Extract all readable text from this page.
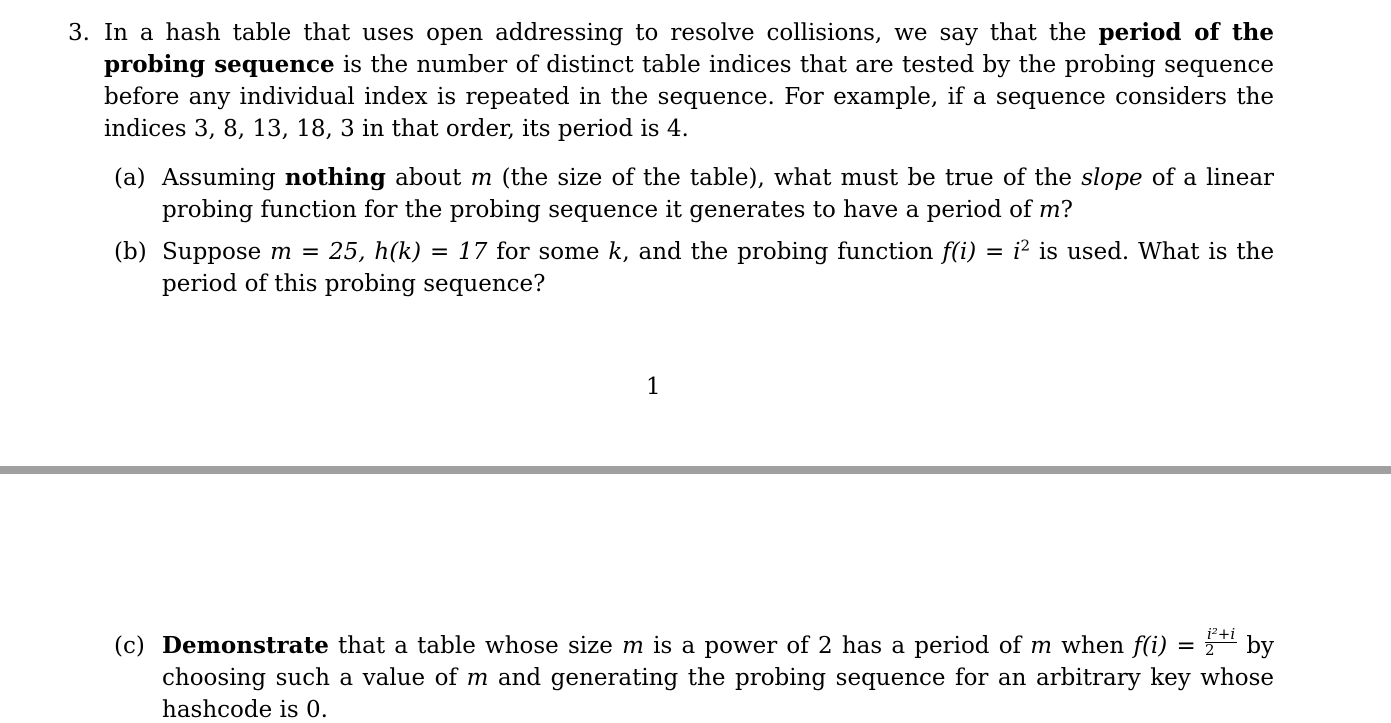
3. In a hash table that uses open addressing to resolve collisions, we say that the period of the probing sequence is the number of distinct table indices that are tested by the probing sequence before any individual index is repeated in the sequence. For example, if a sequence considers the indices 3, 8, 13, 18, 3 in that order, its period is 4.
(a) Assuming nothing about m (the size of the table), what must be true of the slope of a linear probing function for the probing sequence it generates to have a period of m?
(b) Suppose m = 25, h(k) = 17 for some k, and the probing function $f(i) = i^2$ is used. What is the period of this probing sequence?
1
(c) Demonstrate that a table whose size m is a power of 2 has a period of m when $f(i) = \frac{\text{i²+i}}{2}$ by choosing such a value of m and generating the probing sequence for an arbitrary key whose hashcode is 0.
